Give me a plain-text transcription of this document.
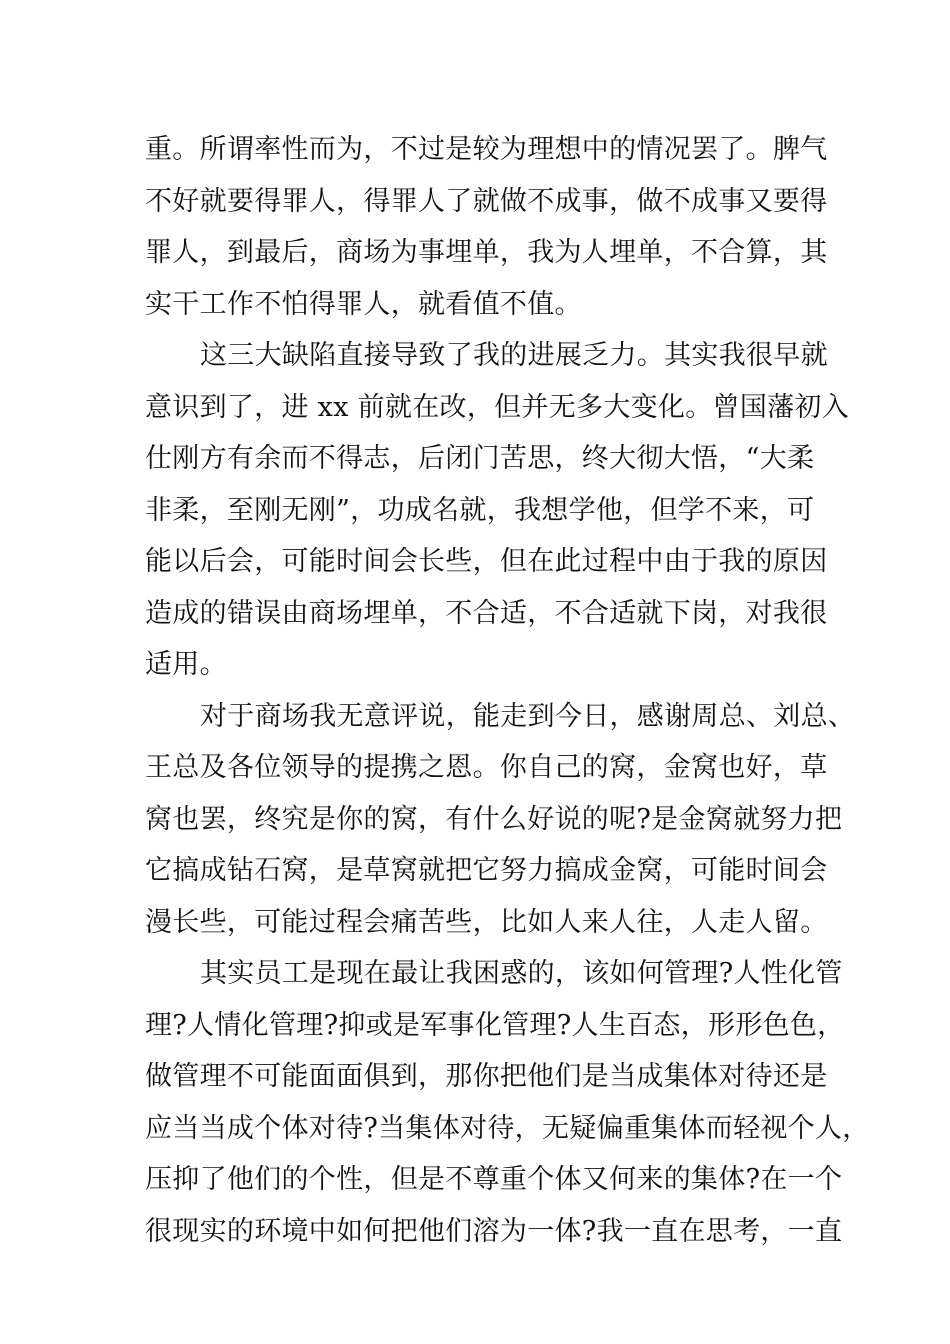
重。所谓率性而为，不过是较为理想中的情况罢了。脾气
不好就要得罪人，得罪人了就做不成事，做不成事又要得
罪人，到最后，商场为事埋单，我为人埋单，不合算，其
实干工作不怕得罪人，就看值不值。
这三大缺陷直接导致了我的进展乏力。其实我很早就
意识到了，进 xx 前就在改，但并无多大变化。曾国藩初入
仕刚方有余而不得志，后闭门苦思，终大彻大悟，“大柔
非柔，至刚无刚”，功成名就，我想学他，但学不来，可
能以后会，可能时间会长些，但在此过程中由于我的原因
造成的错误由商场埋单，不合适，不合适就下岗，对我很
适用。
对于商场我无意评说，能走到今日，感谢周总、刘总、
王总及各位领导的提携之恩。你自己的窝，金窝也好，草
窝也罢，终究是你的窝，有什么好说的呢?是金窝就努力把
它搞成钻石窝，是草窝就把它努力搞成金窝，可能时间会
漫长些，可能过程会痛苦些，比如人来人往，人走人留。
其实员工是现在最让我困惑的，该如何管理?人性化管
理?人情化管理?抑或是军事化管理?人生百态，形形色色，
做管理不可能面面俱到，那你把他们是当成集体对待还是
应当当成个体对待?当集体对待，无疑偏重集体而轻视个人，
压抑了他们的个性，但是不尊重个体又何来的集体?在一个
很现实的环境中如何把他们溶为一体?我一直在思考，一直
